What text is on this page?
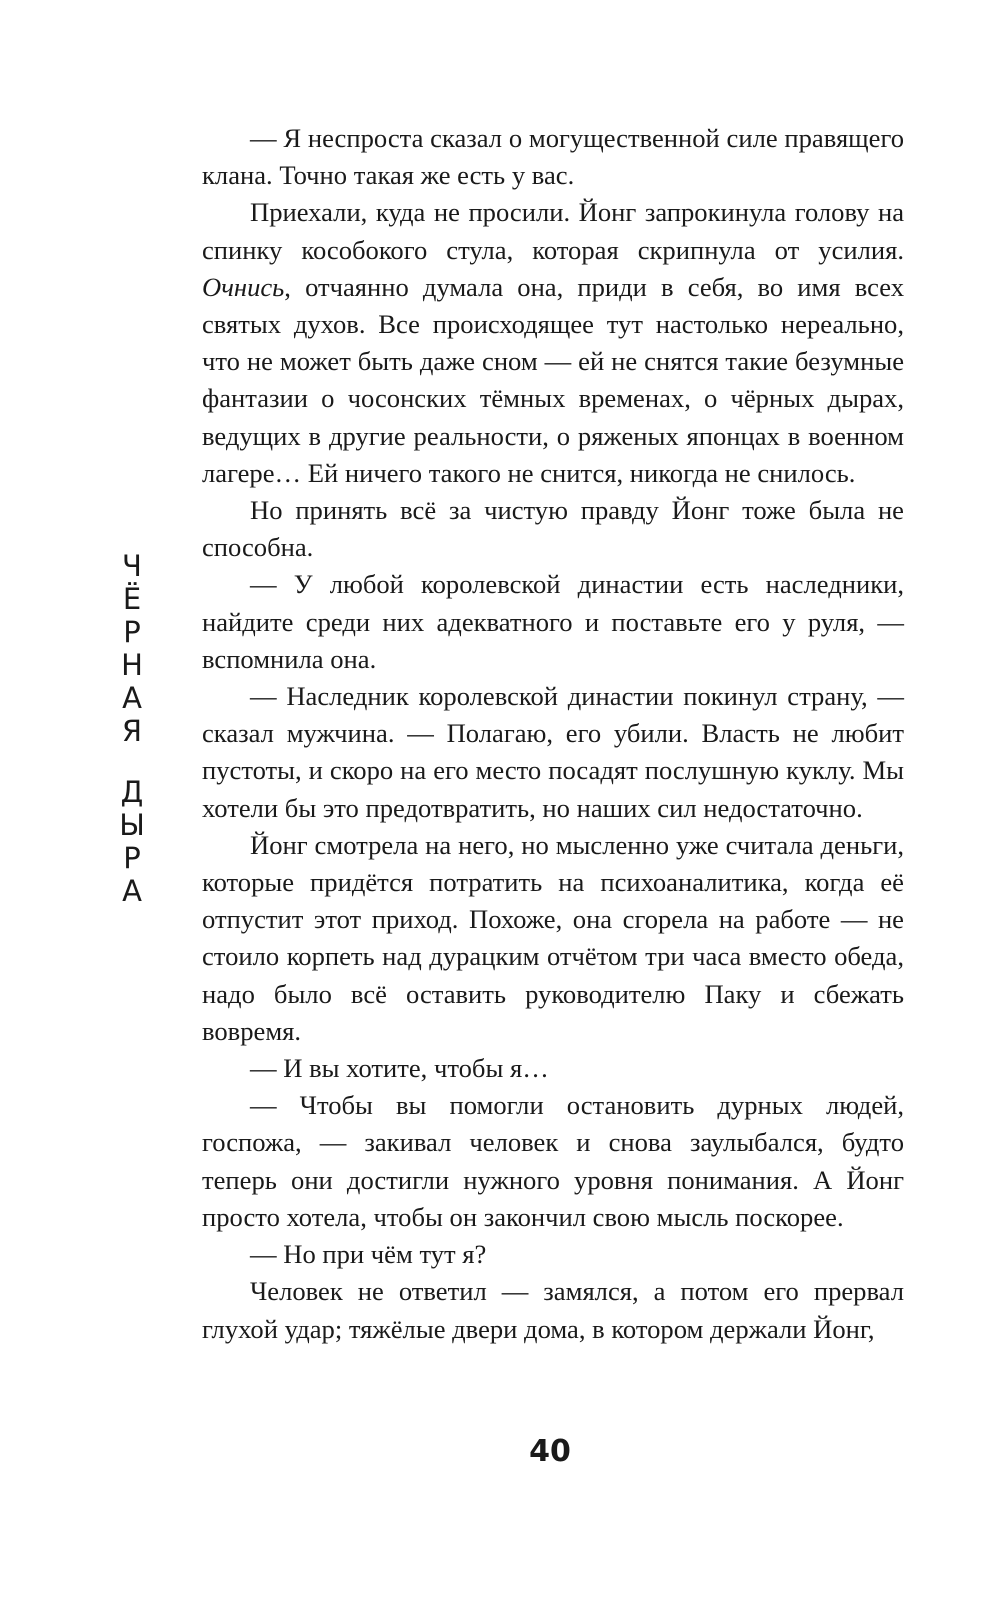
Ч
Ё
Р
Н
А
Я
Д
Ы
Р
А

— Я неспроста сказал о могущественной силе правящего клана. Точно такая же есть у вас.

Приехали, куда не просили. Йонг запрокинула голову на спинку кособокого стула, которая скрипнула от усилия. Очнись, отчаянно думала она, приди в себя, во имя всех святых духов. Все происходящее тут настолько нереально, что не может быть даже сном — ей не снятся такие безумные фантазии о чосонских тёмных временах, о чёрных дырах, ведущих в другие реальности, о ряженых японцах в военном лагере… Ей ничего такого не снится, никогда не снилось.

Но принять всё за чистую правду Йонг тоже была не способна.

— У любой королевской династии есть наследники, найдите среди них адекватного и поставьте его у руля, — вспомнила она.

— Наследник королевской династии покинул страну, — сказал мужчина. — Полагаю, его убили. Власть не любит пустоты, и скоро на его место посадят послушную куклу. Мы хотели бы это предотвратить, но наших сил недостаточно.

Йонг смотрела на него, но мысленно уже считала деньги, которые придётся потратить на психоаналитика, когда её отпустит этот приход. Похоже, она сгорела на работе — не стоило корпеть над дурацким отчётом три часа вместо обеда, надо было всё оставить руководителю Паку и сбежать вовремя.

— И вы хотите, чтобы я…

— Чтобы вы помогли остановить дурных людей, госпожа, — закивал человек и снова заулыбался, будто теперь они достигли нужного уровня понимания. А Йонг просто хотела, чтобы он закончил свою мысль поскорее.

— Но при чём тут я?

Человек не ответил — замялся, а потом его прервал глухой удар; тяжёлые двери дома, в котором держали Йонг,

40
